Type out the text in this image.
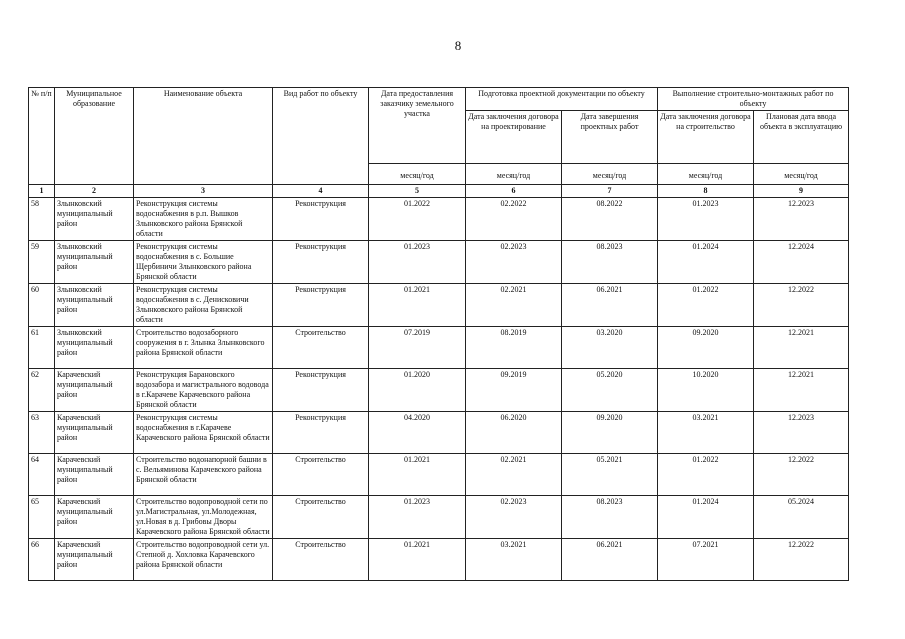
8
№ п/п	Муниципальное образование	Наименование объекта	Вид работ по объекту	Дата предоставления заказчику земельного участка	Подготовка проектной документации по объекту		Выполнение строительно-монтажных работ по объекту	
					Дата заключения договора на проектирование	Дата завершения проектных работ	Дата заключения договора на строительство	Плановая дата ввода объекта в эксплуатацию
				месяц/год	месяц/год	месяц/год	месяц/год	месяц/год
1	2	3	4	5	6	7	8	9
58	Злынковский муниципальный район	Реконструкция системы водоснабжения в р.п. Вышков Злынковского района Брянской области	Реконструкция	01.2022	02.2022	08.2022	01.2023	12.2023
59	Злынковский муниципальный район	Реконструкция системы водоснабжения в с. Большие Щербиничи Злынковского района Брянской области	Реконструкция	01.2023	02.2023	08.2023	01.2024	12.2024
60	Злынковский муниципальный район	Реконструкция системы водоснабжения в с. Денисковичи Злынковского района Брянской области	Реконструкция	01.2021	02.2021	06.2021	01.2022	12.2022
61	Злынковский муниципальный район	Строительство водозаборного сооружения в г. Злынка Злынковского района Брянской области	Строительство	07.2019	08.2019	03.2020	09.2020	12.2021
62	Карачевский муниципальный район	Реконструкция Барановского водозабора и магистрального водовода в г.Карачеве Карачевского района Брянской области	Реконструкция	01.2020	09.2019	05.2020	10.2020	12.2021
63	Карачевский муниципальный район	Реконструкция системы водоснабжения в г.Карачеве Карачевского района Брянской области	Реконструкция	04.2020	06.2020	09.2020	03.2021	12.2023
64	Карачевский муниципальный район	Строительство водонапорной башни в с. Вельяминова Карачевского района Брянской области	Строительство	01.2021	02.2021	05.2021	01.2022	12.2022
65	Карачевский муниципальный район	Строительство водопроводной сети по ул.Магистральная, ул.Молодежная, ул.Новая в д. Грибовы Дворы Карачевского района Брянской области	Строительство	01.2023	02.2023	08.2023	01.2024	05.2024
66	Карачевский муниципальный район	Строительство водопроводной сети ул. Степной д. Хохловка Карачевского района Брянской области	Строительство	01.2021	03.2021	06.2021	07.2021	12.2022
